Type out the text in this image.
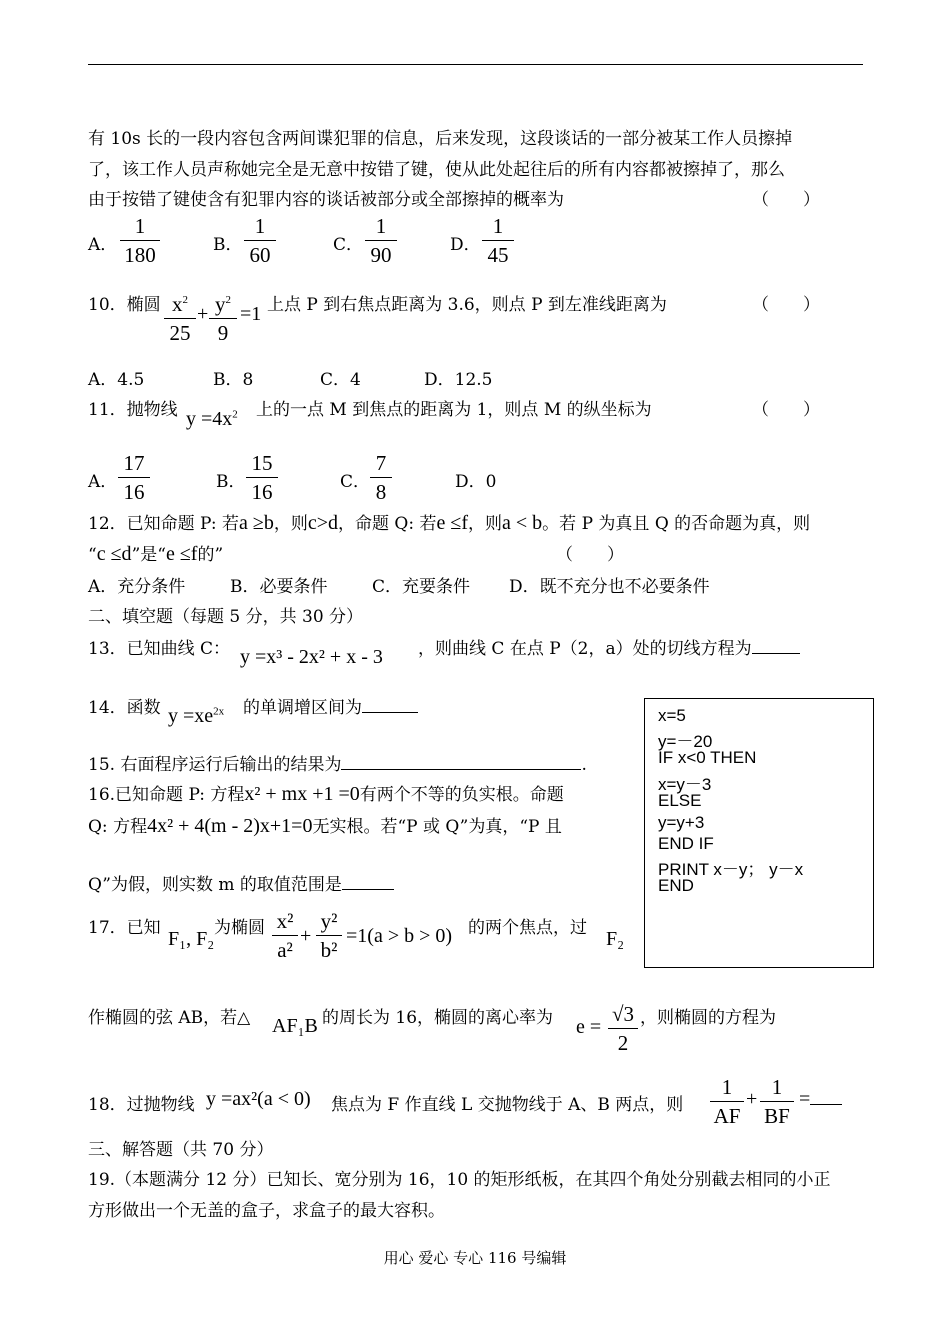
有 10s 长的一段内容包含两间谍犯罪的信息，后来发现，这段谈话的一部分被某工作人员擦掉
了，该工作人员声称她完全是无意中按错了键，使从此处起往后的所有内容都被擦掉了，那么
由于按错了键使含有犯罪内容的谈话被部分或全部擦掉的概率为	（　　）
A．
1
180	B．
1
60	C．
1
90	D．
1
45
10．椭圆 $x^2$
25
+ $y^2$
9
=1 上点 P 到右焦点距离为 3.6，则点 P 到左准线距离为	（　　）
A．4.5	B．8	C．4	D．12.5
11．抛物线 $y =4x^2$ 上的一点 M 到焦点的距离为 1，则点 M 的纵坐标为	（　　）
A．
17
16	B．
15
16	C．
7
8	D．0
12．已知命题 P: 若a ≥b，则c>d，命题 Q: 若e ≤f，则a < b。若 P 为真且 Q 的否命题为真，则
“c ≤d”是“e ≤f的”	（　　）
A．充分条件	B．必要条件	C．充要条件 D．既不充分也不必要条件
二、填空题（每题 5 分，共 30 分）
13．已知曲线 C： y =x³ - 2x² + x - 3 ，则曲线 C 在点 P（2，a）处的切线方程为
14．函数 $y =xe^{2x}$ 的单调增区间为
15. 右面程序运行后输出的结果为	.
16.已知命题 P: 方程x² + mx +1 =0有两个不等的负实根。命题
Q: 方程4x² + 4(m - 2)x+1=0无实根。若“P 或 Q”为真，“P 且
Q”为假，则实数 m 的取值范围是
x=5
y=－20
IF x<0 THEN
x=y－3
ELSE
y=y+3
END IF
PRINT x－y； y－x
END
17．已知 F₁, F₂ 为椭圆 x²
a²
+
y²
b²
=1(a > b > 0) 的两个焦点，过 F₂
作椭圆的弦 AB，若△ AF₁B 的周长为 16，椭圆的离心率为 e =
√3
2
，则椭圆的方程为
18．过抛物线 y =ax²(a < 0) 焦点为 F 作直线 L 交抛物线于 A、B 两点，则
1
AF
+ 1
BF
=
三、解答题（共 70 分）
19.（本题满分 12 分）已知长、宽分别为 16，10 的矩形纸板，在其四个角处分别截去相同的小正
方形做出一个无盖的盒子，求盒子的最大容积。
用心 爱心 专心 116 号编辑
